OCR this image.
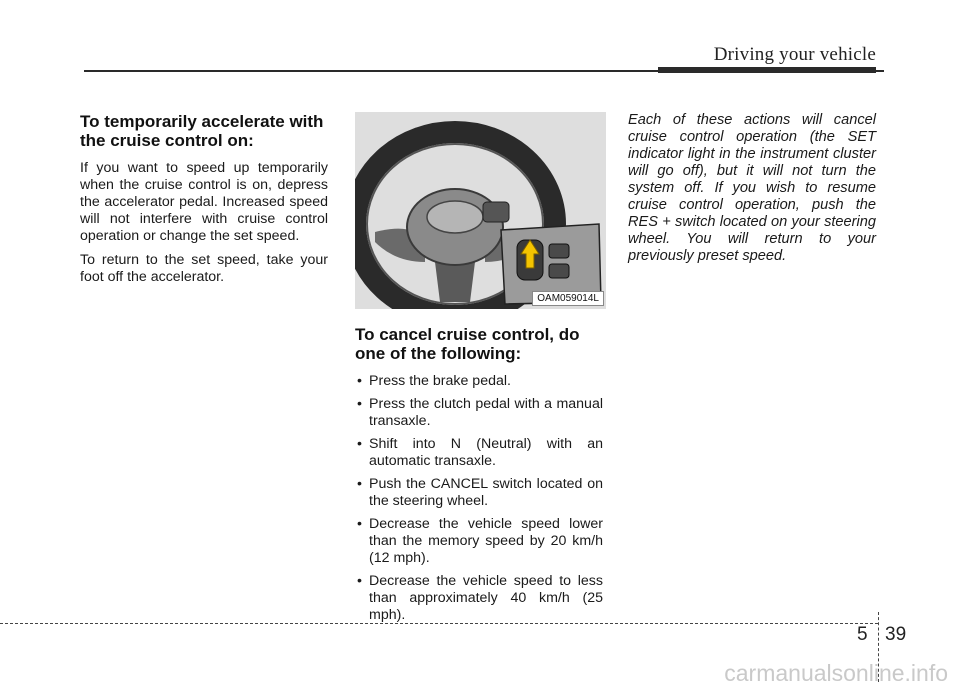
Driving your vehicle
To temporarily accelerate with the cruise control on:

If you want to speed up temporarily when the cruise control is on, depress the accelerator pedal. Increased speed will not interfere with cruise control operation or change the set speed.

To return to the set speed, take your foot off the accelerator.

OAM059014L
To cancel cruise control, do one of the following:
• Press the brake pedal.
• Press the clutch pedal with a manual transaxle.
• Shift into N (Neutral) with an automatic transaxle.
• Push the CANCEL switch located on the steering wheel.
• Decrease the vehicle speed lower than the memory speed by 20 km/h (12 mph).
• Decrease the vehicle speed to less than approximately 40 km/h (25 mph).

Each of these actions will cancel cruise control operation (the SET indicator light in the instrument cluster will go off), but it will not turn the system off. If you wish to resume cruise control operation, push the RES + switch located on your steering wheel. You will return to your previously preset speed.

5 39
carmanualsonline.info
